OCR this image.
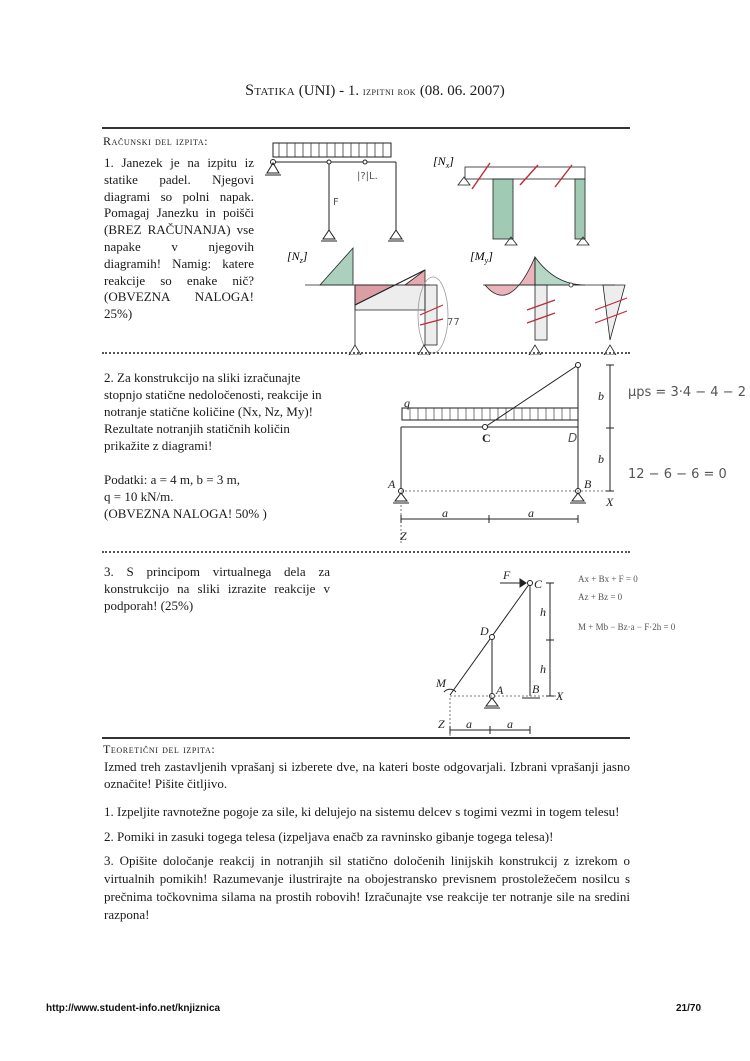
Statika (UNI) - 1. izpitni rok (08. 06. 2007)
Računski del izpita:
1. Janezek je na izpitu iz statike padel. Njegovi diagrami so polni napak. Pomagaj Janezku in poišči (BREZ RAČUNANJA) vse napake v njegovih diagramih! Namig: katere reakcije so enake nič? (OBVEZNA NALOGA! 25%)
|?|L.
F
$[N_x]$
$[N_z]$
77
$[M_y]$
2. Za konstrukcijo na sliki izračunajte
stopnjo statične nedoločenosti, reakcije in
notranje statične količine (Nx, Nz, My)!
Rezultate notranjih statičnih količin
prikažite z diagrami!
Podatki: a = 4 m, b = 3 m,
q = 10 kN/m.
(OBVEZNA NALOGA! 50% )
q
C	D
A	B
a	a
b
b
X
Z
μps = 3·4 − 4 − 2
12 − 6 − 6 = 0
3. S principom virtualnega dela za konstrukcijo na sliki izrazite reakcije v podporah! (25%)
F
C
D
M	A B
h
h
a	a
X
Z
Ax + Bx + F = 0
Az + Bz = 0
M + Mb − Bz·a − F·2h = 0
Teoretični del izpita:
Izmed treh zastavljenih vprašanj si izberete dve, na kateri boste odgovarjali. Izbrani vprašanji jasno označite! Pišite čitljivo.
1. Izpeljite ravnotežne pogoje za sile, ki delujejo na sistemu delcev s togimi vezmi in togem telesu!
2. Pomiki in zasuki togega telesa (izpeljava enačb za ravninsko gibanje togega telesa)!
3. Opišite določanje reakcij in notranjih sil statično določenih linijskih konstrukcij z izrekom o virtualnih pomikih! Razumevanje ilustrirajte na obojestransko previsnem prostoležečem nosilcu s prečnima točkovnima silama na prostih robovih! Izračunajte vse reakcije ter notranje sile na sredini razpona!
http://www.student-info.net/knjiznica	21/70
